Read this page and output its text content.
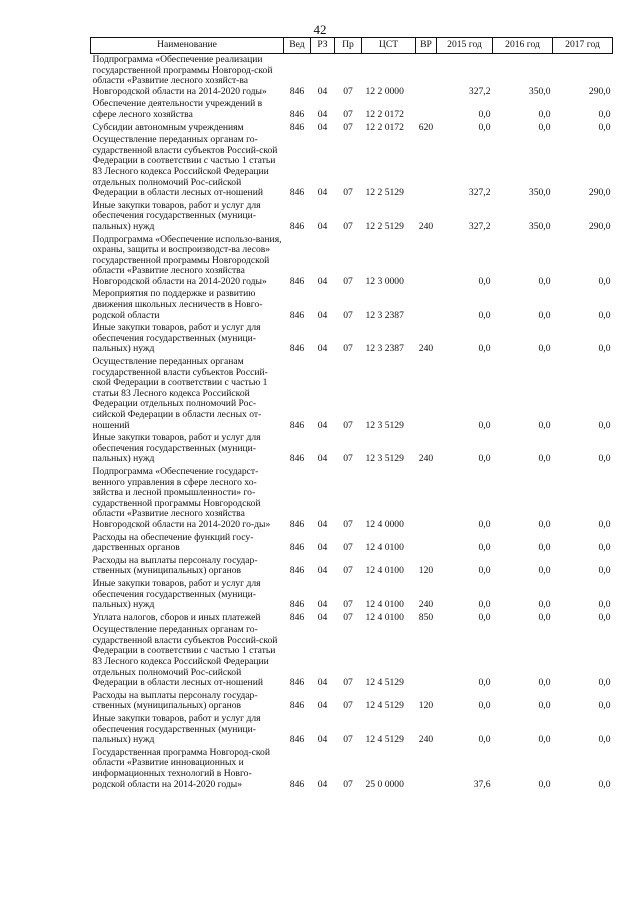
42
Наименование	Вед	РЗ	Пр	ЦСТ	ВР	2015 год	2016 год	2017 год
Подпрограмма «Обеспечение реализации государственной программы Новгород-ской области «Развитие лесного хозяйст-ва Новгородской области на 2014-2020 годы»	846	04	07	12 2 0000		327,2	350,0	290,0
Обеспечение деятельности учреждений в сфере лесного хозяйства	846	04	07	12 2 0172		0,0	0,0	0,0
Субсидии автономным учреждениям	846	04	07	12 2 0172	620	0,0	0,0	0,0
Осуществление переданных органам го-сударственной власти субъектов Россий-ской Федерации в соответствии с частью 1 статьи 83 Лесного кодекса Российской Федерации отдельных полномочий Рос-сийской Федерации в области лесных от-ношений	846	04	07	12 2 5129		327,2	350,0	290,0
Иные закупки товаров, работ и услуг для обеспечения государственных (муници-пальных) нужд	846	04	07	12 2 5129	240	327,2	350,0	290,0
Подпрограмма «Обеспечение использо-вания, охраны, защиты и воспроизводст-ва лесов» государственной программы Новгородской области «Развитие лесного хозяйства Новгородской области на 2014-2020 годы»	846	04	07	12 3 0000		0,0	0,0	0,0
Мероприятия по поддержке и развитию движения школьных лесничеств в Новго-родской области	846	04	07	12 3 2387		0,0	0,0	0,0
Иные закупки товаров, работ и услуг для обеспечения государственных (муници-пальных) нужд	846	04	07	12 3 2387	240	0,0	0,0	0,0
Осуществление переданных органам государственной власти субъектов Россий-ской Федерации в соответствии с частью 1 статьи 83 Лесного кодекса Российской Федерации отдельных полномочий Рос-сийской Федерации в области лесных от-ношений	846	04	07	12 3 5129		0,0	0,0	0,0
Иные закупки товаров, работ и услуг для обеспечения государственных (муници-пальных) нужд	846	04	07	12 3 5129	240	0,0	0,0	0,0
Подпрограмма «Обеспечение государст-венного управления в сфере лесного хо-зяйства и лесной промышленности» го-сударственной программы Новгородской области «Развитие лесного хозяйства Новгородской области на 2014-2020 го-ды»	846	04	07	12 4 0000		0,0	0,0	0,0
Расходы на обеспечение функций госу-дарственных органов	846	04	07	12 4 0100		0,0	0,0	0,0
Расходы на выплаты персоналу государ-ственных (муниципальных) органов	846	04	07	12 4 0100	120	0,0	0,0	0,0
Иные закупки товаров, работ и услуг для обеспечения государственных (муници-пальных) нужд	846	04	07	12 4 0100	240	0,0	0,0	0,0
Уплата налогов, сборов и иных платежей	846	04	07	12 4 0100	850	0,0	0,0	0,0
Осуществление переданных органам го-сударственной власти субъектов Россий-ской Федерации в соответствии с частью 1 статьи 83 Лесного кодекса Российской Федерации отдельных полномочий Рос-сийской Федерации в области лесных от-ношений	846	04	07	12 4 5129		0,0	0,0	0,0
Расходы на выплаты персоналу государ-ственных (муниципальных) органов	846	04	07	12 4 5129	120	0,0	0,0	0,0
Иные закупки товаров, работ и услуг для обеспечения государственных (муници-пальных) нужд	846	04	07	12 4 5129	240	0,0	0,0	0,0
Государственная программа Новгород-ской области «Развитие инновационных и информационных технологий в Новго-родской области на 2014-2020 годы»	846	04	07	25 0 0000		37,6	0,0	0,0
